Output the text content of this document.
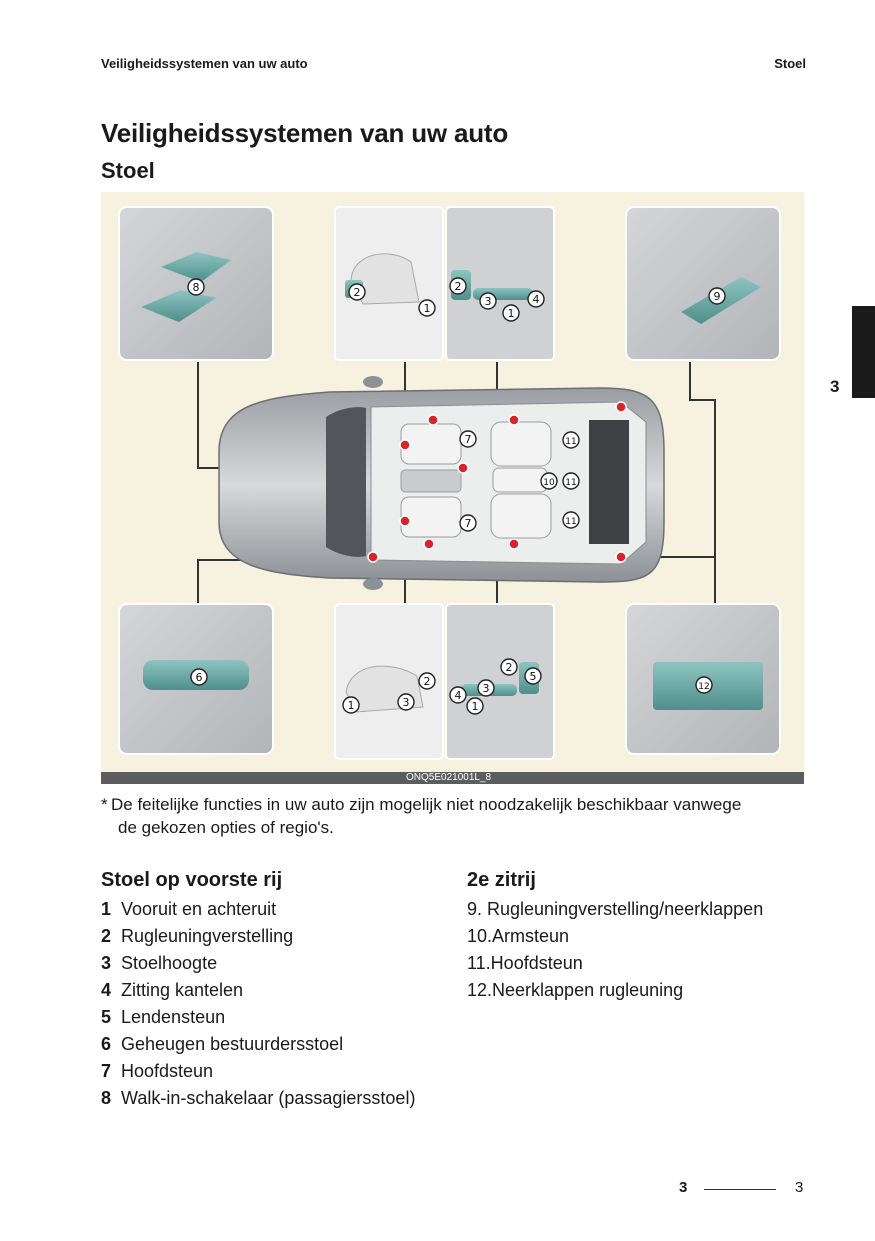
Veiligheidssystemen van uw auto	Stoel
3
Veiligheidssystemen van uw auto
Stoel
8	2
1
2
3
1
4	9
7	11
10 11
11
7
6	2
1	3
4
3
2
5
1
12
ONQ5E021001L_8
* De feitelijke functies in uw auto zijn mogelijk niet noodzakelijk beschikbaar vanwege
de gekozen opties of regio's.
Stoel op voorste rij
1 Vooruit en achteruit
2 Rugleuningverstelling
3 Stoelhoogte
4 Zitting kantelen
5 Lendensteun
6 Geheugen bestuurdersstoel
7 Hoofdsteun
8 Walk-in-schakelaar (passagiersstoel)
2e zitrij
9. Rugleuningverstelling/neerklappen
10.Armsteun
11.Hoofdsteun
12.Neerklappen rugleuning
3	3
